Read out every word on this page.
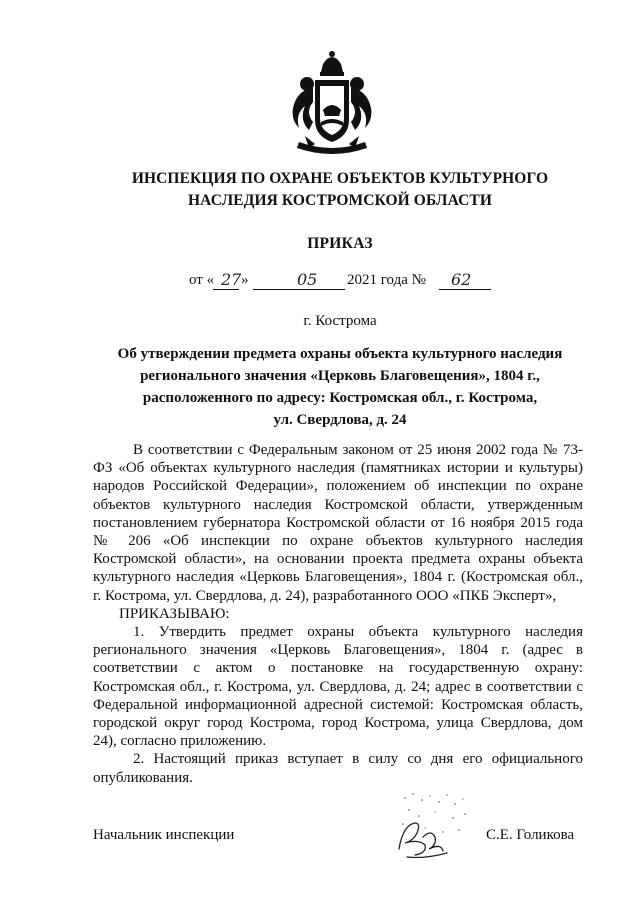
ИНСПЕКЦИЯ ПО ОХРАНЕ ОБЪЕКТОВ КУЛЬТУРНОГО
НАСЛЕДИЯ КОСТРОМСКОЙ ОБЛАСТИ
ПРИКАЗ
от « 27 »	05 2021 года № 62
г. Кострома
Об утверждении предмета охраны объекта культурного наследия
регионального значения «Церковь Благовещения», 1804 г.,
расположенного по адресу: Костромская обл., г. Кострома,
ул. Свердлова, д. 24

В соответствии с Федеральным законом от 25 июня 2002 года № 73-ФЗ «Об объектах культурного наследия (памятниках истории и культуры) народов Российской Федерации», положением об инспекции по охране объектов культурного наследия Костромской области, утвержденным постановлением губернатора Костромской области от 16 ноября 2015 года № 206 «Об инспекции по охране объектов культурного наследия Костромской области», на основании проекта предмета охраны объекта культурного наследия «Церковь Благовещения», 1804 г. (Костромская обл., г. Кострома, ул. Свердлова, д. 24), разработанного ООО «ПКБ Эксперт»,

ПРИКАЗЫВАЮ:

1. Утвердить предмет охраны объекта культурного наследия регионального значения «Церковь Благовещения», 1804 г. (адрес в соответствии с актом о постановке на государственную охрану: Костромская обл., г. Кострома, ул. Свердлова, д. 24; адрес в соответствии с Федеральной информационной адресной системой: Костромская область, городской округ город Кострома, город Кострома, улица Свердлова, дом 24), согласно приложению.

2. Настоящий приказ вступает в силу со дня его официального опубликования.

Начальник инспекции	С.Е. Голикова
